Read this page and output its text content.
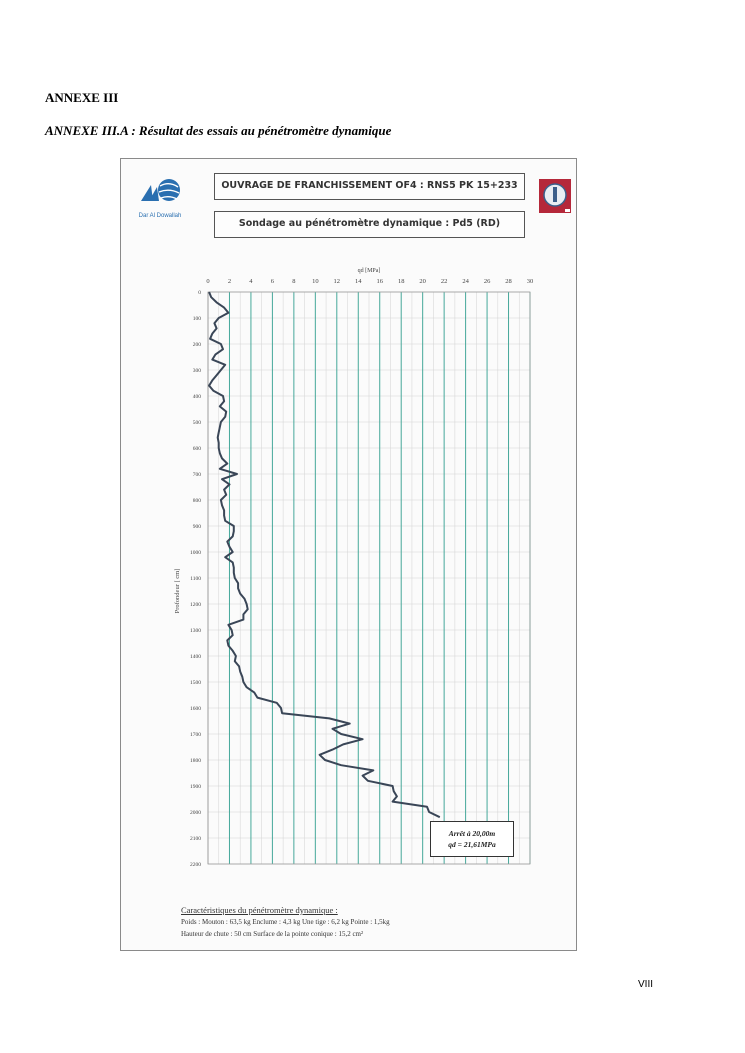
ANNEXE III
ANNEXE III.A : Résultat des essais au pénétromètre dynamique
Dar Al Dowallah
OUVRAGE DE FRANCHISSEMENT OF4 : RNS5 PK 15+233
Sondage au pénétromètre dynamique : Pd5 (RD)
0	2	4	6	8	10 12 14 16 18 20 22 24 26 28 30
0
100
200
300
400
500
600
700
800
900
1000
1100
1200
1300
1400
1500
1600
1700
1800
1900
2000
2100
2200
qd [MPa]
Profondeur [ cm]
Arrêt à 20,00m
qd = 21,61MPa
Caractéristiques du pénétromètre dynamique :
Poids : Mouton : 63,5 kg Enclume : 4,3 kg Une tige : 6,2 kg Pointe : 1,5kg
Hauteur de chute : 50 cm Surface de la pointe conique : 15,2 cm²
VIII
